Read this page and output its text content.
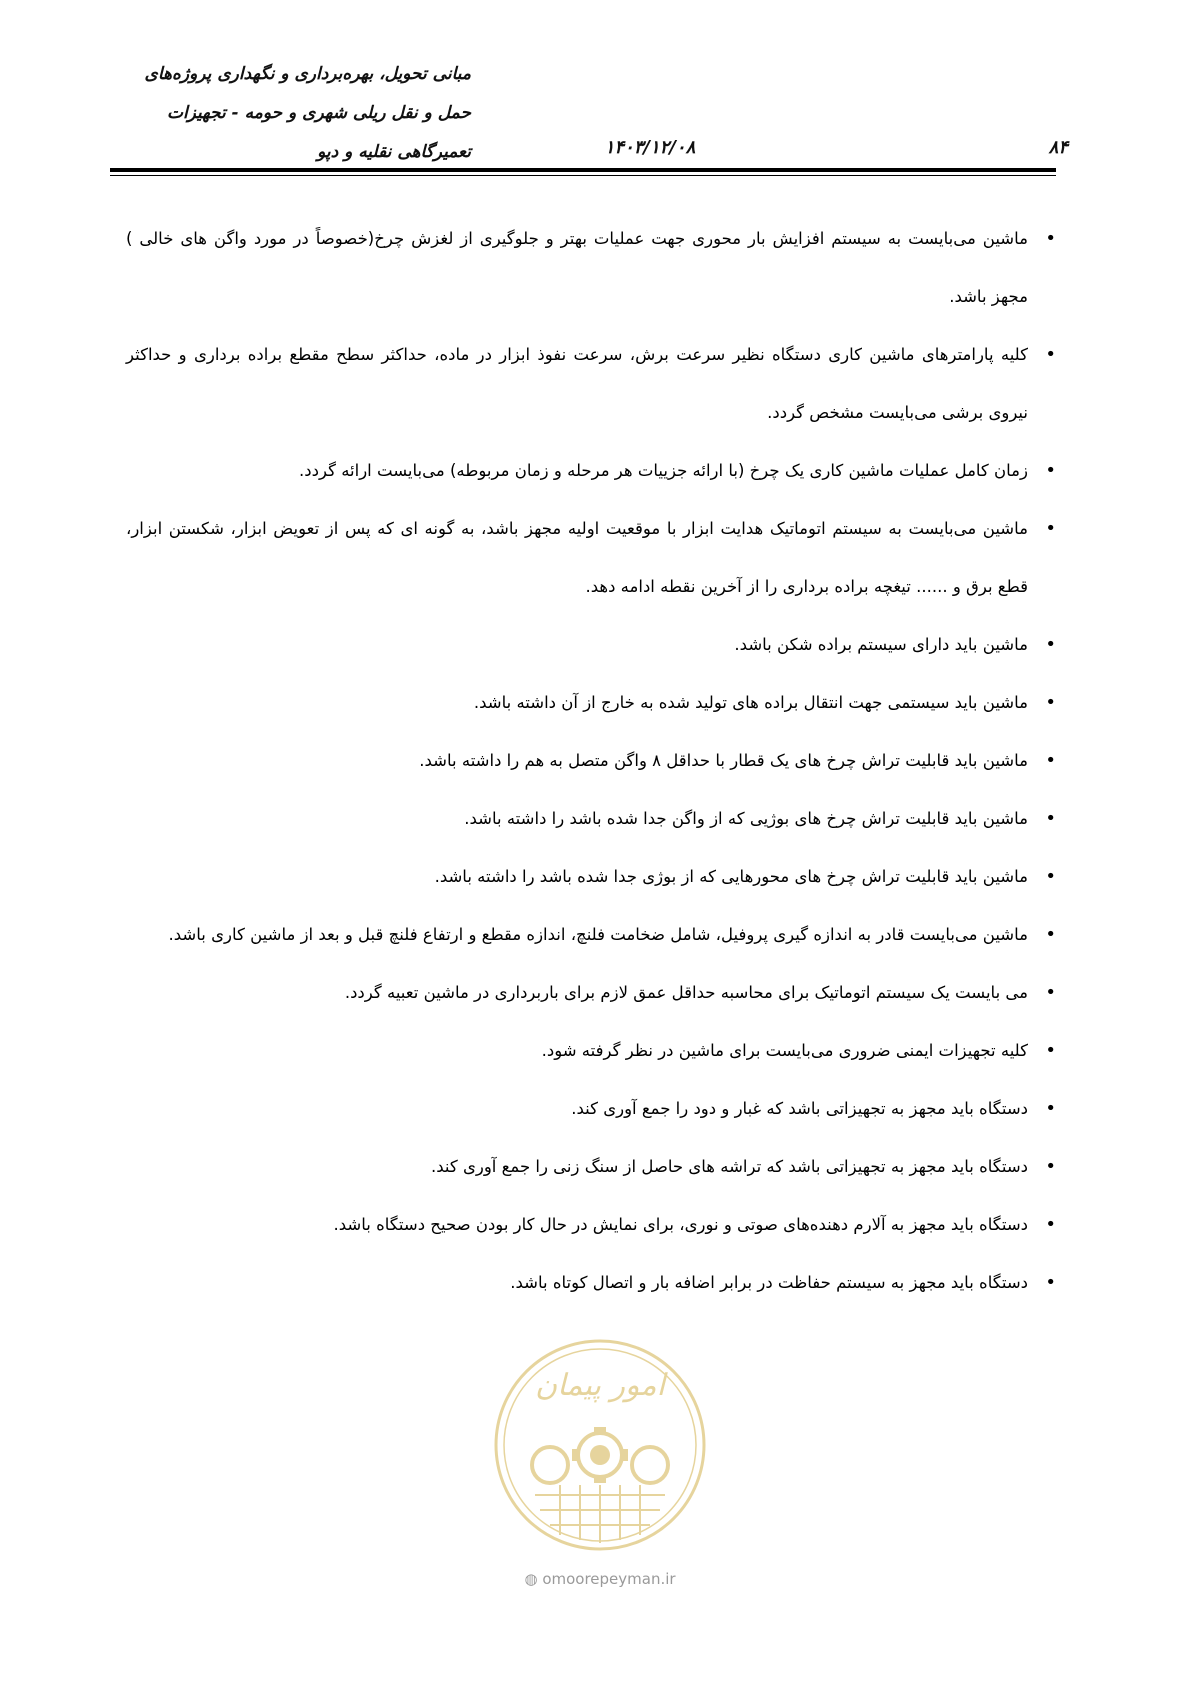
مبانی تحویل، بهره‌برداری و نگهداری پروژه‌های
حمل و نقل ریلی شهری و حومه - تجهیزات
تعمیرگاهی نقلیه و دپو	۱۴۰۳/۱۲/۰۸	۸۴
• ماشین می‌بایست به سیستم افزایش بار محوری جهت عملیات بهتر و جلوگیری از لغزش چرخ(خصوصاً در مورد واگن های خالی ) مجهز باشد.
• کلیه پارامترهای ماشین کاری دستگاه نظیر سرعت برش، سرعت نفوذ ابزار در ماده، حداکثر سطح مقطع براده برداری و حداکثر نیروی برشی می‌بایست مشخص گردد.
• زمان کامل عملیات ماشین کاری یک چرخ (با ارائه جزییات هر مرحله و زمان مربوطه) می‌بایست ارائه گردد.
• ماشین می‌بایست به سیستم اتوماتیک هدایت ابزار با موقعیت اولیه مجهز باشد، به گونه ای که پس از تعویض ابزار، شکستن ابزار، قطع برق و ...... تیغچه براده برداری را از آخرین نقطه ادامه دهد.
• ماشین باید دارای سیستم براده شکن باشد.
• ماشین باید سیستمی جهت انتقال براده های تولید شده به خارج از آن داشته باشد.
• ماشین باید قابلیت تراش چرخ های یک قطار با حداقل ۸ واگن متصل به هم را داشته باشد.
• ماشین باید قابلیت تراش چرخ های بوژیی که از واگن جدا شده باشد را داشته باشد.
• ماشین باید قابلیت تراش چرخ های محورهایی که از بوژی جدا شده باشد را داشته باشد.
• ماشین می‌بایست قادر به اندازه گیری پروفیل، شامل ضخامت فلنچ، اندازه مقطع و ارتفاع فلنچ قبل و بعد از ماشین کاری باشد.
• می بایست یک سیستم اتوماتیک برای محاسبه حداقل عمق لازم برای باربرداری در ماشین تعبیه گردد.
• کلیه تجهیزات ایمنی ضروری می‌بایست برای ماشین در نظر گرفته شود.
• دستگاه باید مجهز به تجهیزاتی باشد که غبار و دود را جمع آوری کند.
• دستگاه باید مجهز به تجهیزاتی باشد که تراشه های حاصل از سنگ زنی را جمع آوری کند.
• دستگاه باید مجهز به آلارم دهنده‌های صوتی و نوری، برای نمایش در حال کار بودن صحیح دستگاه باشد.
• دستگاه باید مجهز به سیستم حفاظت در برابر اضافه بار و اتصال کوتاه باشد.
امور پیمان
◍ omoorepeyman.ir
